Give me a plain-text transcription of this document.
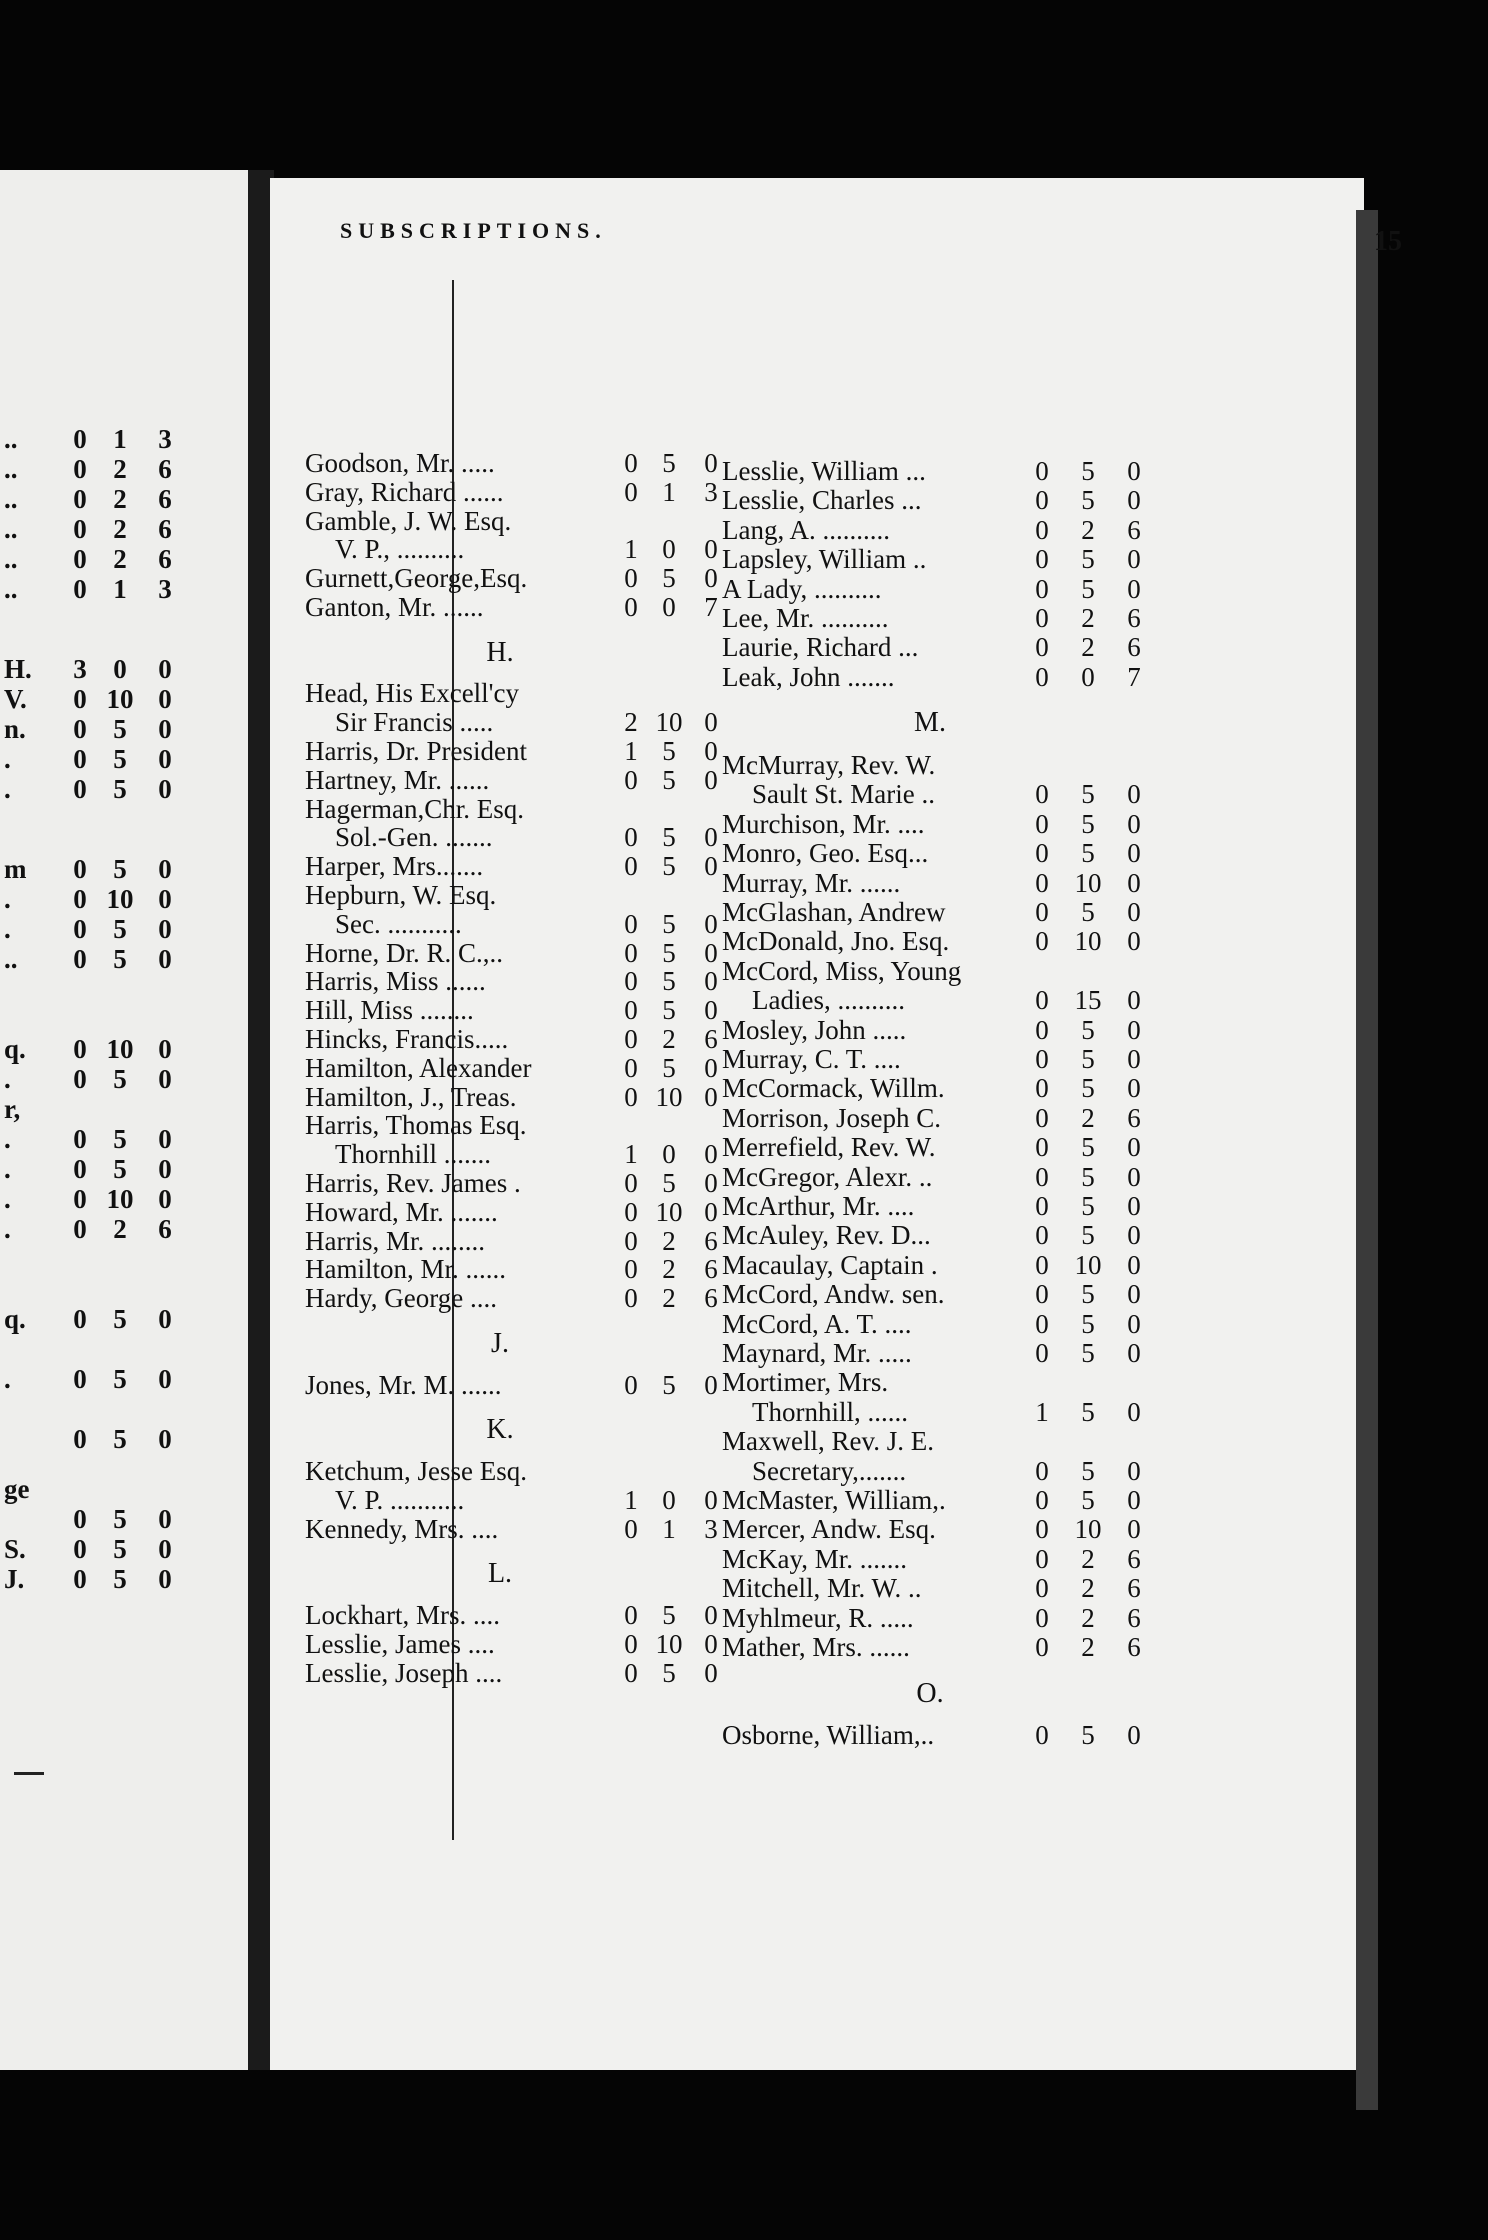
..	0 1	3
..	0 2	6
..	0 2	6
..	0 2	6
..	0 2	6
..	0 1	3
H.	3 0	0
V.	0 10 0
n.	0 5	0
.	0 5	0
.	0 5	0
m	0 5	0
.	0 10 0
.	0 5	0
..	0 5	0
q.	0 10 0
.	0 5	0
r,
.	0 5	0
.	0 5	0
.	0 10 0
.	0 2	6
q.	0 5	0
.	0 5	0
0 5	0
ge
0 5	0
S.	0 5	0
J.	0 5	0
SUBSCRIPTIONS.	15
Goodson, Mr. .....	0 5	0
Gray, Richard ......	0 1	3
Gamble, J. W. Esq.
V. P., ..........	1 0	0
Gurnett,George,Esq.	0 5	0
Ganton, Mr. ......	0 0	7
H.
Head, His Excell'cy
Sir Francis .....	2 10 0
Harris, Dr. President	1 5	0
Hartney, Mr. ......	0 5	0
Hagerman,Chr. Esq.
Sol.-Gen. .......	0 5	0
Harper, Mrs.......	0 5	0
Hepburn, W. Esq.
Sec. ...........	0 5	0
Horne, Dr. R. C.,..	0 5	0
Harris, Miss ......	0 5	0
Hill, Miss ........	0 5	0
Hincks, Francis.....	0 2	6
Hamilton, Alexander	0 5	0
Hamilton, J., Treas.	0 10 0
Harris, Thomas Esq.
Thornhill .......	1 0	0
Harris, Rev. James .	0 5	0
Howard, Mr. .......	0 10 0
Harris, Mr. ........	0 2	6
Hamilton, Mr. ......	0 2	6
Hardy, George ....	0 2	6
J.
Jones, Mr. M. ......	0 5	0
K.
Ketchum, Jesse Esq.
V. P. ...........	1 0	0
Kennedy, Mrs. ....	0 1	3
L.
Lockhart, Mrs. ....	0 5	0
Lesslie, James ....	0 10 0
Lesslie, Joseph ....	0 5	0
Lesslie, William ...	0	5	0
Lesslie, Charles ...	0	5	0
Lang, A. ..........	0	2	6
Lapsley, William ..	0	5	0
A Lady, ..........	0	5	0
Lee, Mr. ..........	0	2	6
Laurie, Richard ...	0	2	6
Leak, John .......	0	0	7
M.
McMurray, Rev. W.
Sault St. Marie ..	0	5	0
Murchison, Mr. ....	0	5	0
Monro, Geo. Esq...	0	5	0
Murray, Mr. ......	0 10 0
McGlashan, Andrew	0	5	0
McDonald, Jno. Esq.	0 10 0
McCord, Miss, Young
Ladies, ..........	0 15 0
Mosley, John .....	0	5	0
Murray, C. T. ....	0	5	0
McCormack, Willm.	0	5	0
Morrison, Joseph C.	0	2	6
Merrefield, Rev. W.	0	5	0
McGregor, Alexr. ..	0	5	0
McArthur, Mr. ....	0	5	0
McAuley, Rev. D...	0	5	0
Macaulay, Captain .	0 10 0
McCord, Andw. sen.	0	5	0
McCord, A. T. ....	0	5	0
Maynard, Mr. .....	0	5	0
Mortimer, Mrs.
Thornhill, ......	1	5	0
Maxwell, Rev. J. E.
Secretary,.......	0	5	0
McMaster, William,.	0	5	0
Mercer, Andw. Esq.	0 10 0
McKay, Mr. .......	0	2	6
Mitchell, Mr. W. ..	0	2	6
Myhlmeur, R. .....	0	2	6
Mather, Mrs. ......	0	2	6
O.
Osborne, William,..	0	5	0
